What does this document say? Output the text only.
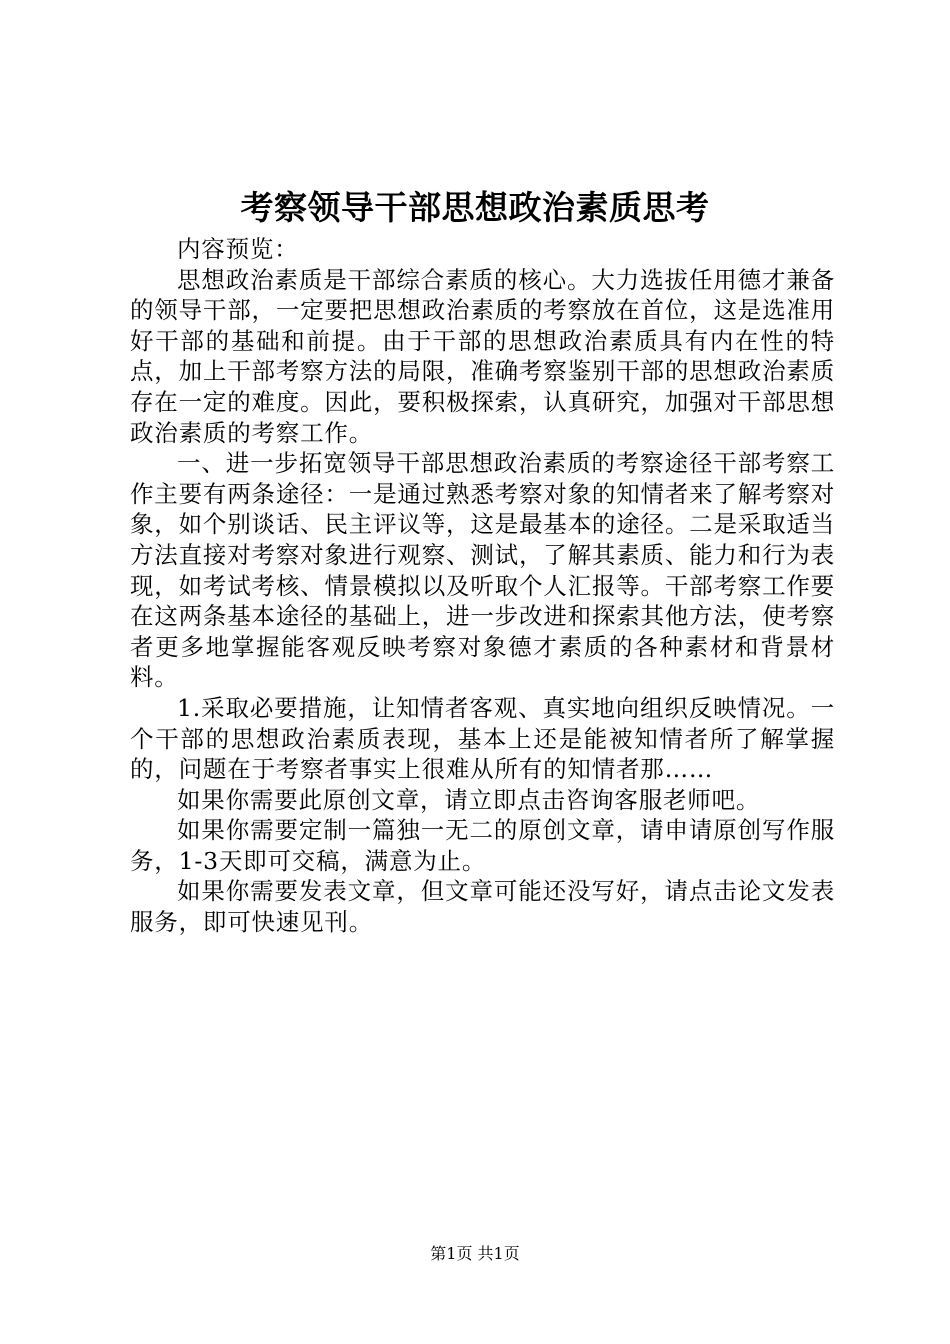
考察领导干部思想政治素质思考

内容预览：

思想政治素质是干部综合素质的核心。大力选拔任用德才兼备的领导干部，一定要把思想政治素质的考察放在首位，这是选准用好干部的基础和前提。由于干部的思想政治素质具有内在性的特点，加上干部考察方法的局限，准确考察鉴别干部的思想政治素质存在一定的难度。因此，要积极探索，认真研究，加强对干部思想政治素质的考察工作。

一、进一步拓宽领导干部思想政治素质的考察途径干部考察工作主要有两条途径：一是通过熟悉考察对象的知情者来了解考察对象，如个别谈话、民主评议等，这是最基本的途径。二是采取适当方法直接对考察对象进行观察、测试，了解其素质、能力和行为表现，如考试考核、情景模拟以及听取个人汇报等。干部考察工作要在这两条基本途径的基础上，进一步改进和探索其他方法，使考察者更多地掌握能客观反映考察对象德才素质的各种素材和背景材料。

1.采取必要措施，让知情者客观、真实地向组织反映情况。一个干部的思想政治素质表现，基本上还是能被知情者所了解掌握的，问题在于考察者事实上很难从所有的知情者那……

如果你需要此原创文章，请立即点击咨询客服老师吧。

如果你需要定制一篇独一无二的原创文章，请申请原创写作服务，1-3天即可交稿，满意为止。

如果你需要发表文章，但文章可能还没写好，请点击论文发表服务，即可快速见刊。

第1页 共1页
